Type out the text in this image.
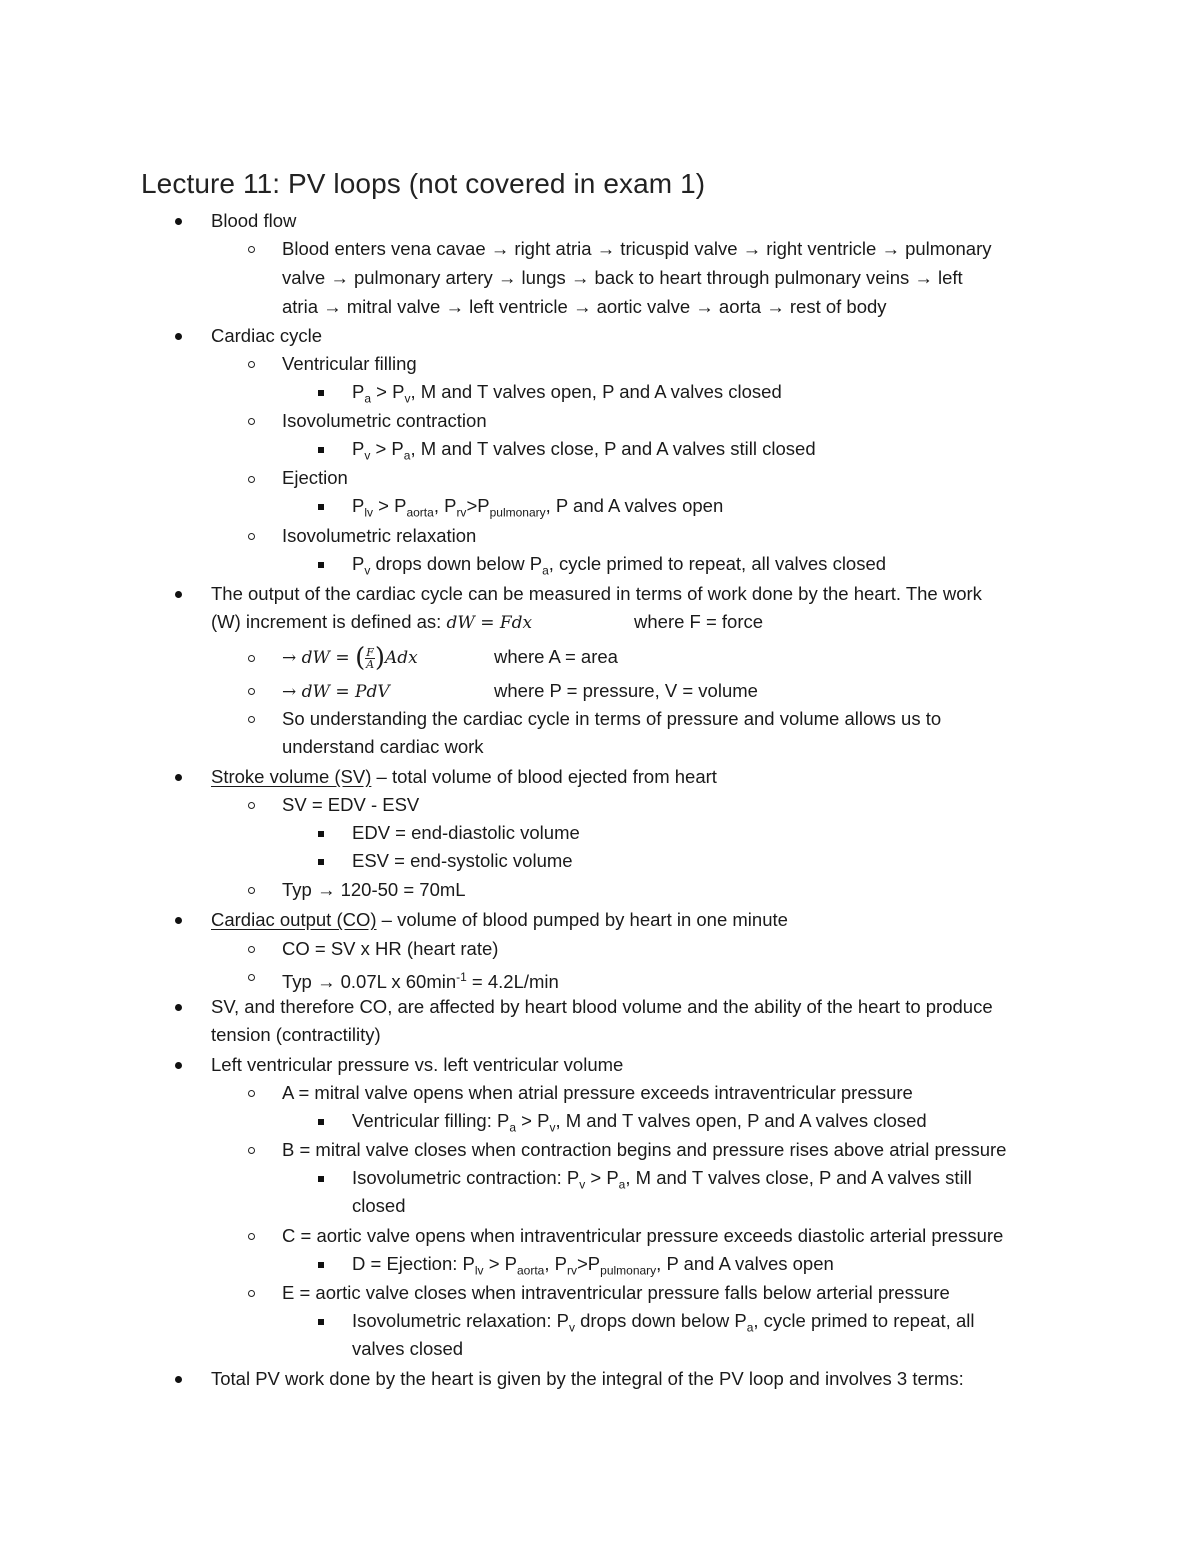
Lecture 11: PV loops (not covered in exam 1)
Blood flow
Blood enters vena cavae → right atria → tricuspid valve → right ventricle → pulmonary
valve → pulmonary artery → lungs → back to heart through pulmonary veins → left
atria → mitral valve → left ventricle → aortic valve → aorta → rest of body
Cardiac cycle
Ventricular filling
$P_a > P_v$, M and T valves open, P and A valves closed
Isovolumetric contraction
$P_v > P_a$, M and T valves close, P and A valves still closed
Ejection
$P_{lv} > P_{aorta}$, $P_{rv}>P_{pulmonary}$, P and A valves open
Isovolumetric relaxation
$P_v$ drops down below $P_a$, cycle primed to repeat, all valves closed
The output of the cardiac cycle can be measured in terms of work done by the heart. The work
(W) increment is defined as: dW = Fdx	where F = force
→ dW = ( $\frac{F}{A} )Adx$	where A = area
→ dW = PdV	where P = pressure, V = volume
So understanding the cardiac cycle in terms of pressure and volume allows us to
understand cardiac work
Stroke volume (SV) – total volume of blood ejected from heart
SV = EDV - ESV
EDV = end-diastolic volume
ESV = end-systolic volume
Typ → 120-50 = 70mL
Cardiac output (CO) – volume of blood pumped by heart in one minute
CO = SV x HR (heart rate)
Typ → 0.07L x $60\min^{-1} = 4.2L/\min$
SV, and therefore CO, are affected by heart blood volume and the ability of the heart to produce
tension (contractility)
Left ventricular pressure vs. left ventricular volume
A = mitral valve opens when atrial pressure exceeds intraventricular pressure
Ventricular filling: $P_a > P_v$, M and T valves open, P and A valves closed
B = mitral valve closes when contraction begins and pressure rises above atrial pressure
Isovolumetric contraction: $P_v > P_a$, M and T valves close, P and A valves still
closed
C = aortic valve opens when intraventricular pressure exceeds diastolic arterial pressure
D = Ejection: $P_{lv} > P_{aorta}$, $P_{rv}>P_{pulmonary}$, P and A valves open
E = aortic valve closes when intraventricular pressure falls below arterial pressure
Isovolumetric relaxation: $P_v$ drops down below $P_a$, cycle primed to repeat, all
valves closed
Total PV work done by the heart is given by the integral of the PV loop and involves 3 terms:
